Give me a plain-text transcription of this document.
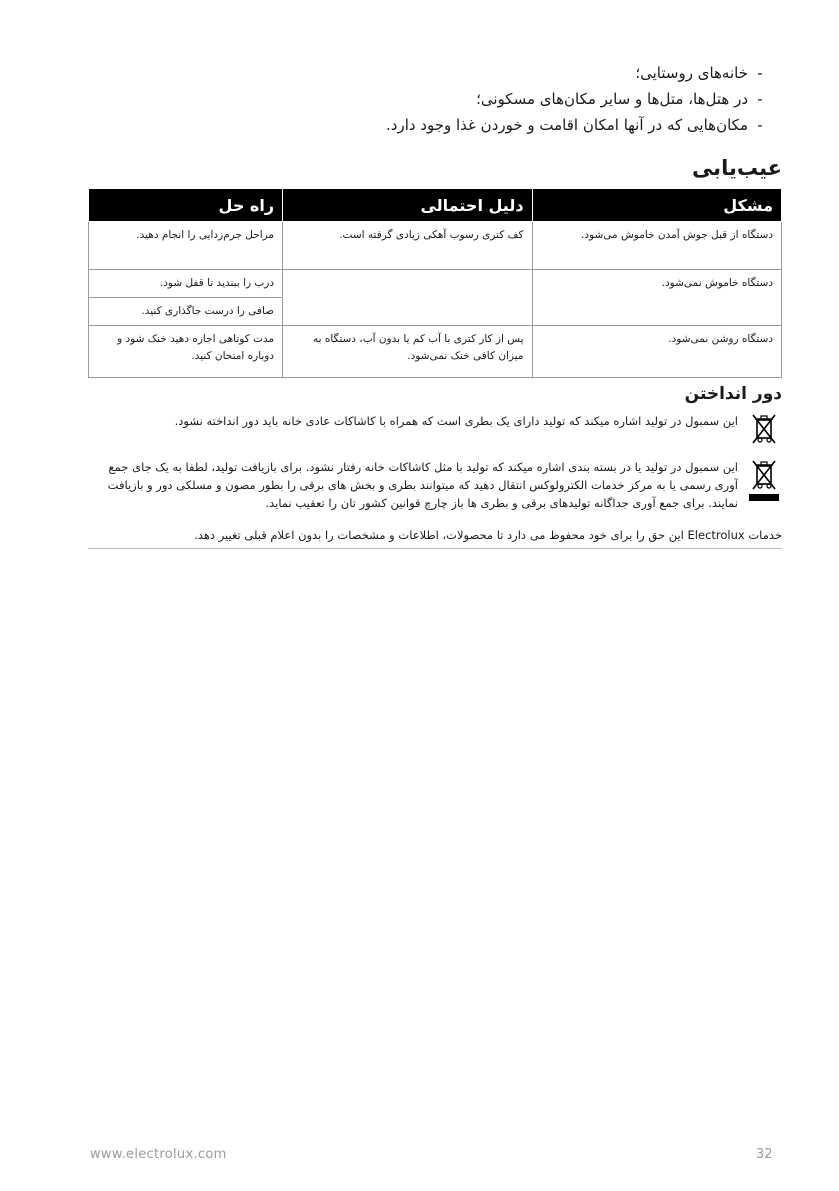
-خانه‌های روستایی؛
-در هتل‌ها، متل‌ها و سایر مکان‌های مسکونی؛
-مکان‌هایی که در آنها امکان اقامت و خوردن غذا وجود دارد.
عیب‌یابی
مشکل	دلیل احتمالی	راه حل
دستگاه از قبل جوش آمدن خاموش می‌شود.	کف کتری رسوب آهکی زیادی گرفته است.	مراحل جرم‌زدایی را انجام دهید.
دستگاه خاموش نمی‌شود.		درب را ببندید تا قفل شود.
		صافی را درست جاگذاری کنید.
دستگاه روشن نمی‌شود.	پس از کار کتری با آب کم یا بدون آب، دستگاه به میزان کافی خنک نمی‌شود.	مدت کوتاهی اجازه دهید خنک شود و دوباره امتحان کنید.
دور انداختن
این سمبول در تولید اشاره میکند که تولید دارای یک بطری است که همراه با کاشاکات عادی خانه باید دور انداخته نشود.
این سمبول در تولید یا در بسته بندی اشاره میکند که تولید با مثل کاشاکات خانه رفتار نشود. برای بازیافت تولید، لطفا به یک جای جمع آوری رسمی یا به مرکز خدمات الکترولوکس انتقال دهید که میتوانند بطری و بخش های برقی را بطور مصون و مسلکی دور و بازیافت نمایند. برای جمع آوری جداگانه تولیدهای برقی و بطری ها باز چارچ قوانین کشور تان را تعقیب نماید.
خدمات Electrolux این حق را برای خود محفوظ می دارد تا محصولات، اطلاعات و مشخصات را بدون اعلام قبلی تغییر دهد.
www.electrolux.com	32
